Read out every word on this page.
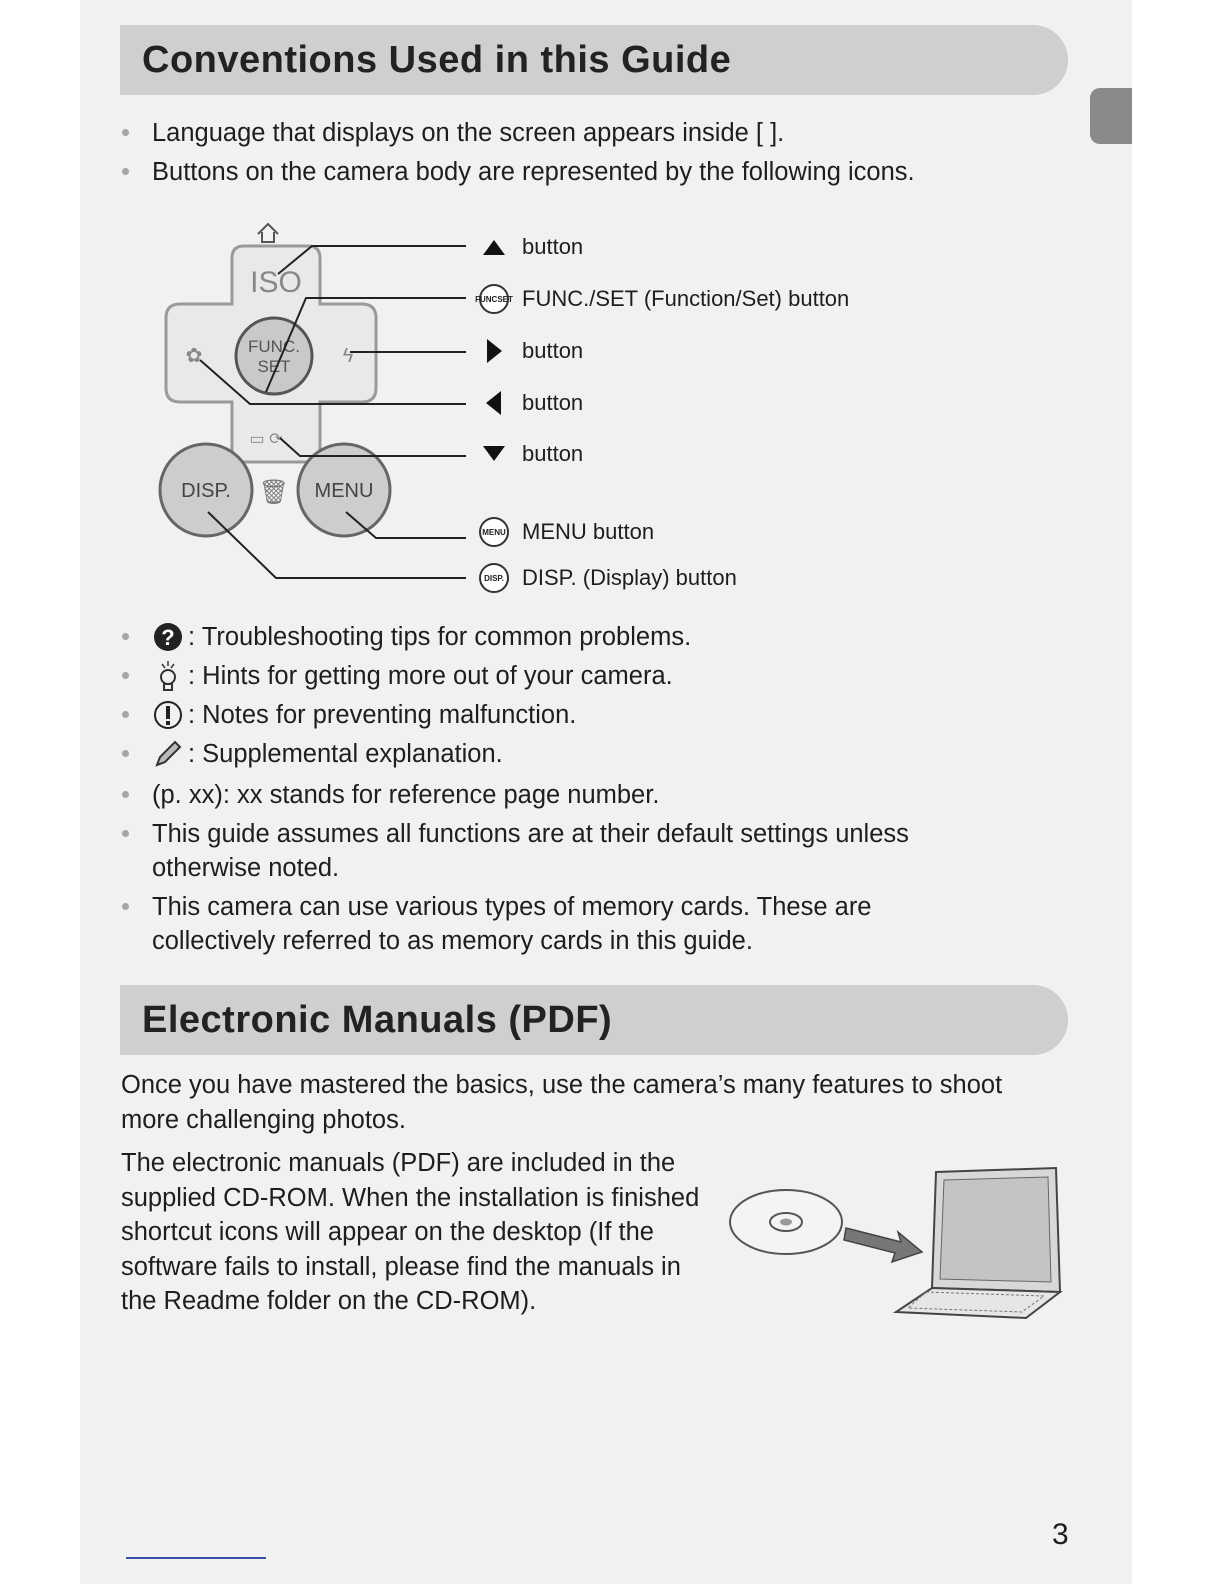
Conventions Used in this Guide
Language that displays on the screen appears inside [ ].
Buttons on the camera body are represented by the following icons.
ISO
✿	ϟ
▭ ⟳
FUNC.
SET
DISP. 🗑 MENU
button
FUNC SET FUNC./SET (Function/Set) button
button
button
button
MENU MENU button
DISP. DISP. (Display) button
? : Troubleshooting tips for common problems.
: Hints for getting more out of your camera.
: Notes for preventing malfunction.
: Supplemental explanation.
(p. xx): xx stands for reference page number.
This guide assumes all functions are at their default settings unless otherwise noted.
This camera can use various types of memory cards. These are collectively referred to as memory cards in this guide.
Electronic Manuals (PDF)

Once you have mastered the basics, use the camera’s many features to shoot more challenging photos.

The electronic manuals (PDF) are included in the supplied CD-ROM. When the installation is finished shortcut icons will appear on the desktop (If the software fails to install, please find the manuals in the Readme folder on the CD-ROM).

3
